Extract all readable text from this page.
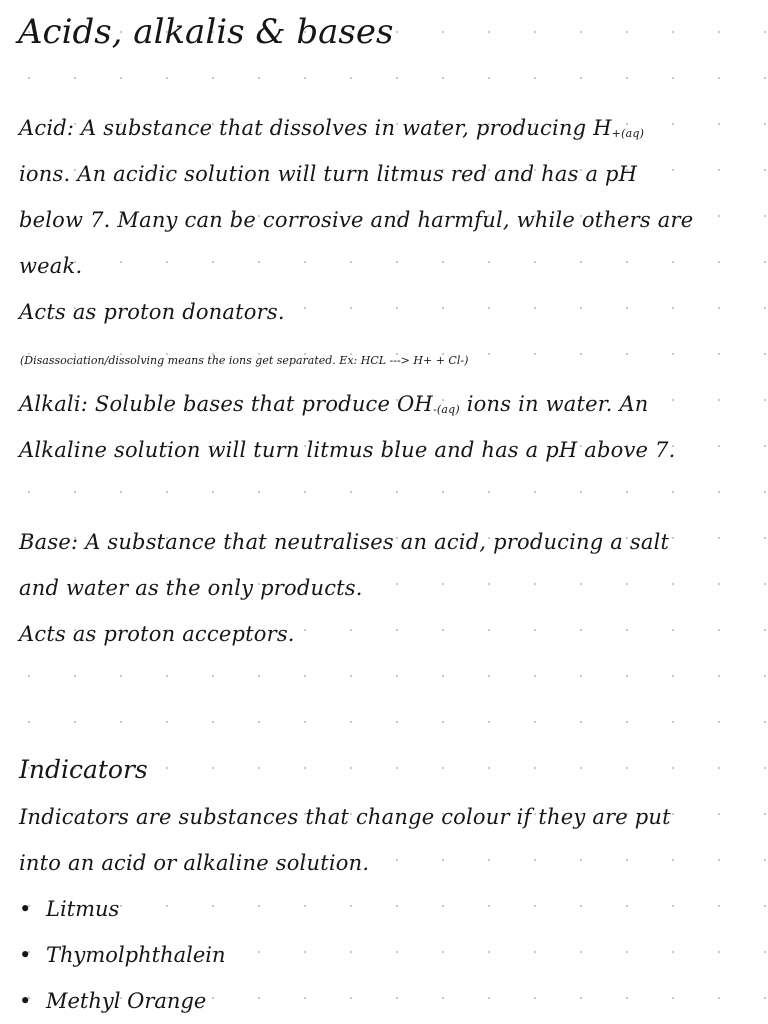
Acids, alkalis & bases
Acid: A substance that dissolves in water, producing H+(aq)
ions. An acidic solution will turn litmus red and has a pH
below 7. Many can be corrosive and harmful, while others are
weak.
Acts as proton donators.
(Disassociation/dissolving means the ions get separated. Ex: HCL ---> H+ + Cl-)
Alkali: Soluble bases that produce OH-(aq) ions in water. An
Alkaline solution will turn litmus blue and has a pH above 7.
Base: A substance that neutralises an acid, producing a salt
and water as the only products.
Acts as proton acceptors.
Indicators
Indicators are substances that change colour if they are put
into an acid or alkaline solution.
• Litmus
• Thymolphthalein
• Methyl Orange
